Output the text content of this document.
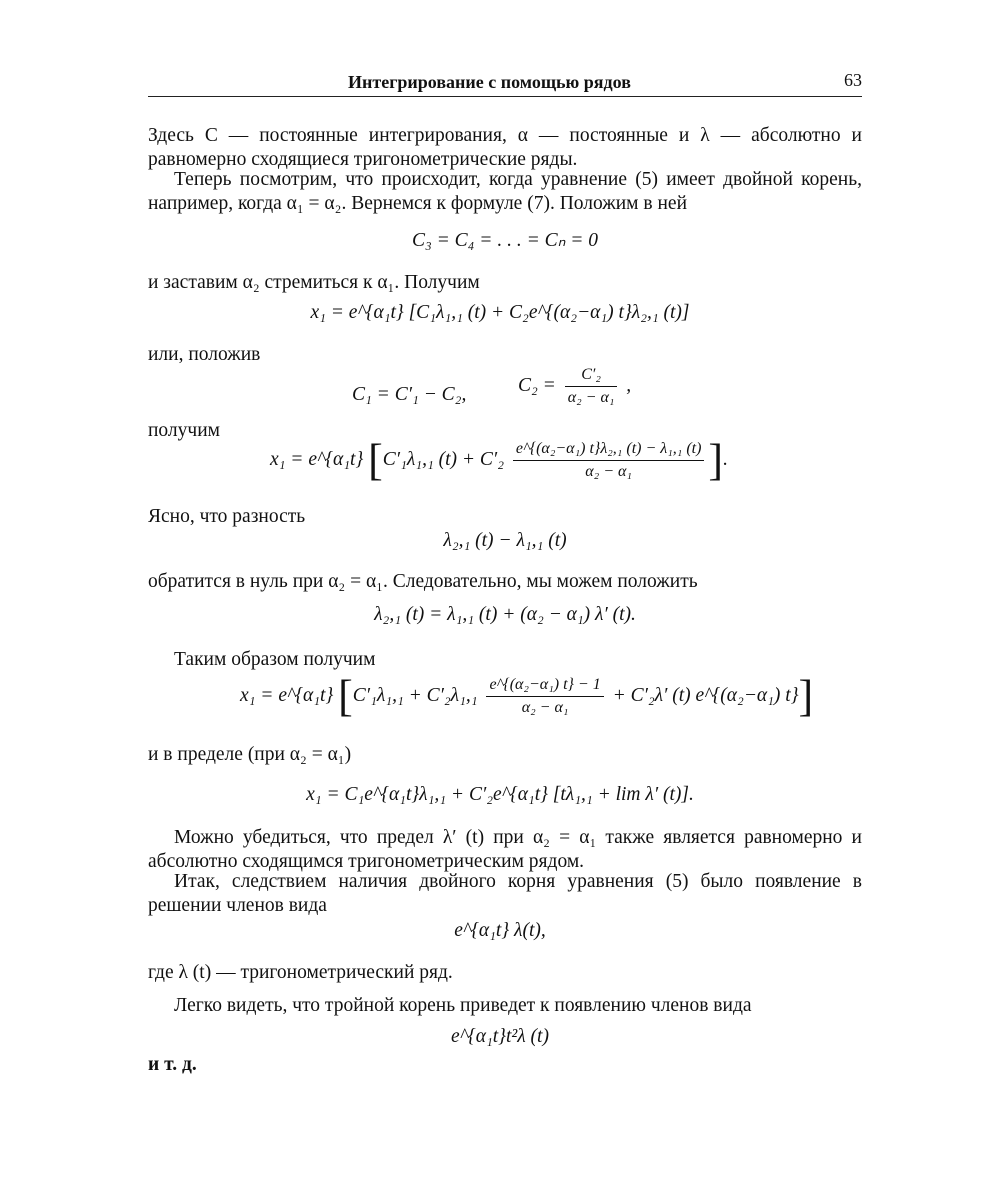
Интегрирование с помощью рядов	63
Здесь C — постоянные интегрирования, α — постоянные и λ — абсолютно и равномерно сходящиеся тригонометрические ряды.
Теперь посмотрим, что происходит, когда уравнение (5) имеет двойной корень, например, когда α₁ = α₂. Вернемся к формуле (7). Положим в ней
C₃ = C₄ = . . . = Cₙ = 0
и заставим α₂ стремиться к α₁. Получим
x₁ = e^{α₁t} [C₁λ₁,₁ (t) + C₂e^{(α₂−α₁) t}λ₂,₁ (t)]
или, положив
C₁ = C′₁ − C₂,	$C_2 = \frac{\text{C′₂}}{\text{α₂ − α₁}}$ ,
получим
x₁ = e^{α₁t} [C′₁λ₁,₁ $(t) + C'_2 \frac{\text{e\textasciicircum{}\{(α₂−α₁) t\}λ₂,₁ (t) − λ₁,₁ (t)}}{\text{α₂ − α₁}}$ ].
Ясно, что разность
λ₂,₁ (t) − λ₁,₁ (t)
обратится в нуль при α₂ = α₁. Следовательно, мы можем положить
λ₂,₁ (t) = λ₁,₁ (t) + (α₂ − α₁) λ′ (t).
Таким образом получим
x₁ = e^{α₁t} [$C'_1\lambda_1,_1 + C'_2\lambda_1,_1 \frac{\text{e\textasciicircum{}\{(α₂−α₁) t\} − 1}}{\text{α₂ − α₁}} + C'_2\lambda'$ (t) e^{(α₂−α₁) t}]
и в пределе (при α₂ = α₁)
x₁ = C₁e^{α₁t}λ₁,₁ + C′₂e^{α₁t} [tλ₁,₁ + lim λ′ (t)].
Можно убедиться, что предел λ′ (t) при α₂ = α₁ также является равномерно и абсолютно сходящимся тригонометрическим рядом.
Итак, следствием наличия двойного корня уравнения (5) было появление в решении членов вида
e^{α₁t} λ(t),
где λ (t) — тригонометрический ряд.
Легко видеть, что тройной корень приведет к появлению членов вида
e^{α₁t}t²λ (t)
и т. д.
